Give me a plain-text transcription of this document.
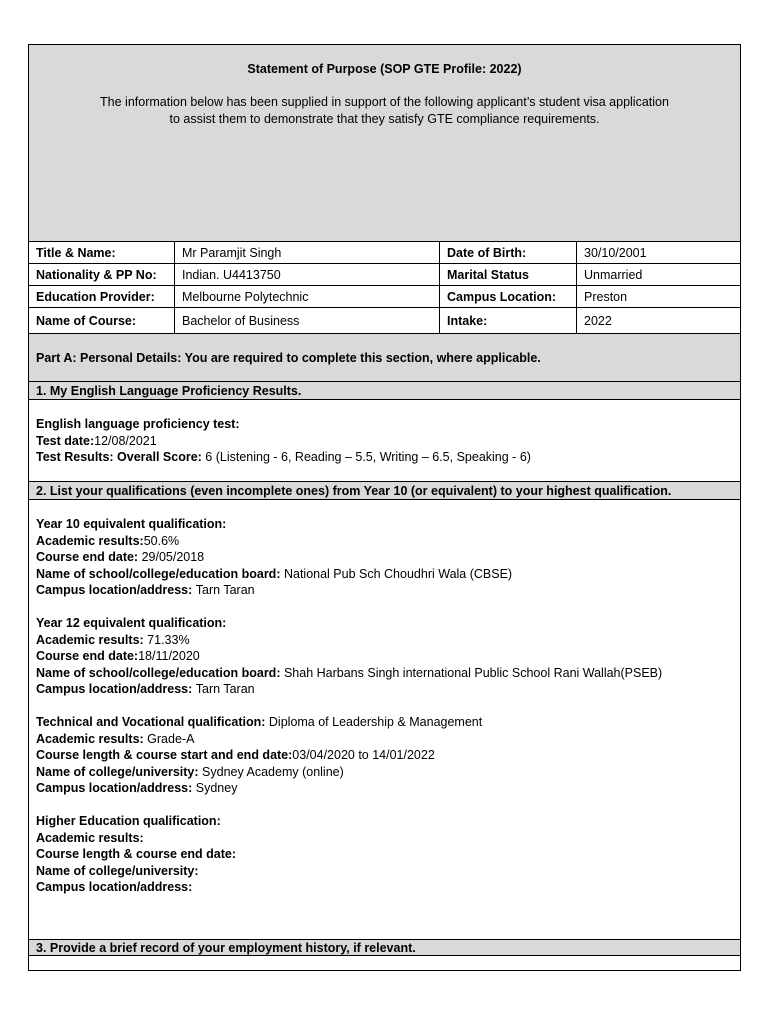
Statement of Purpose (SOP GTE Profile: 2022)
The information below has been supplied in support of the following applicant’s student visa application
to assist them to demonstrate that they satisfy GTE compliance requirements.
Title & Name:	Mr Paramjit Singh	Date of Birth:	30/10/2001
Nationality & PP No:	Indian. U4413750	Marital Status	Unmarried
Education Provider:	Melbourne Polytechnic	Campus Location:	Preston
Name of Course:	Bachelor of Business	Intake:	2022
Part A: Personal Details: You are required to complete this section, where applicable.
1. My English Language Proficiency Results.
English language proficiency test:
Test date:12/08/2021
Test Results: Overall Score: 6 (Listening - 6, Reading – 5.5, Writing – 6.5, Speaking - 6)
2. List your qualifications (even incomplete ones) from Year 10 (or equivalent) to your highest qualification.
Year 10 equivalent qualification:
Academic results:50.6%
Course end date: 29/05/2018
Name of school/college/education board: National Pub Sch Choudhri Wala (CBSE)
Campus location/address: Tarn Taran
Year 12 equivalent qualification:
Academic results: 71.33%
Course end date:18/11/2020
Name of school/college/education board: Shah Harbans Singh international Public School Rani Wallah(PSEB)
Campus location/address: Tarn Taran
Technical and Vocational qualification: Diploma of Leadership & Management
Academic results: Grade-A
Course length & course start and end date:03/04/2020 to 14/01/2022
Name of college/university: Sydney Academy (online)
Campus location/address: Sydney
Higher Education qualification:
Academic results:
Course length & course end date:
Name of college/university:
Campus location/address:
3. Provide a brief record of your employment history, if relevant.
